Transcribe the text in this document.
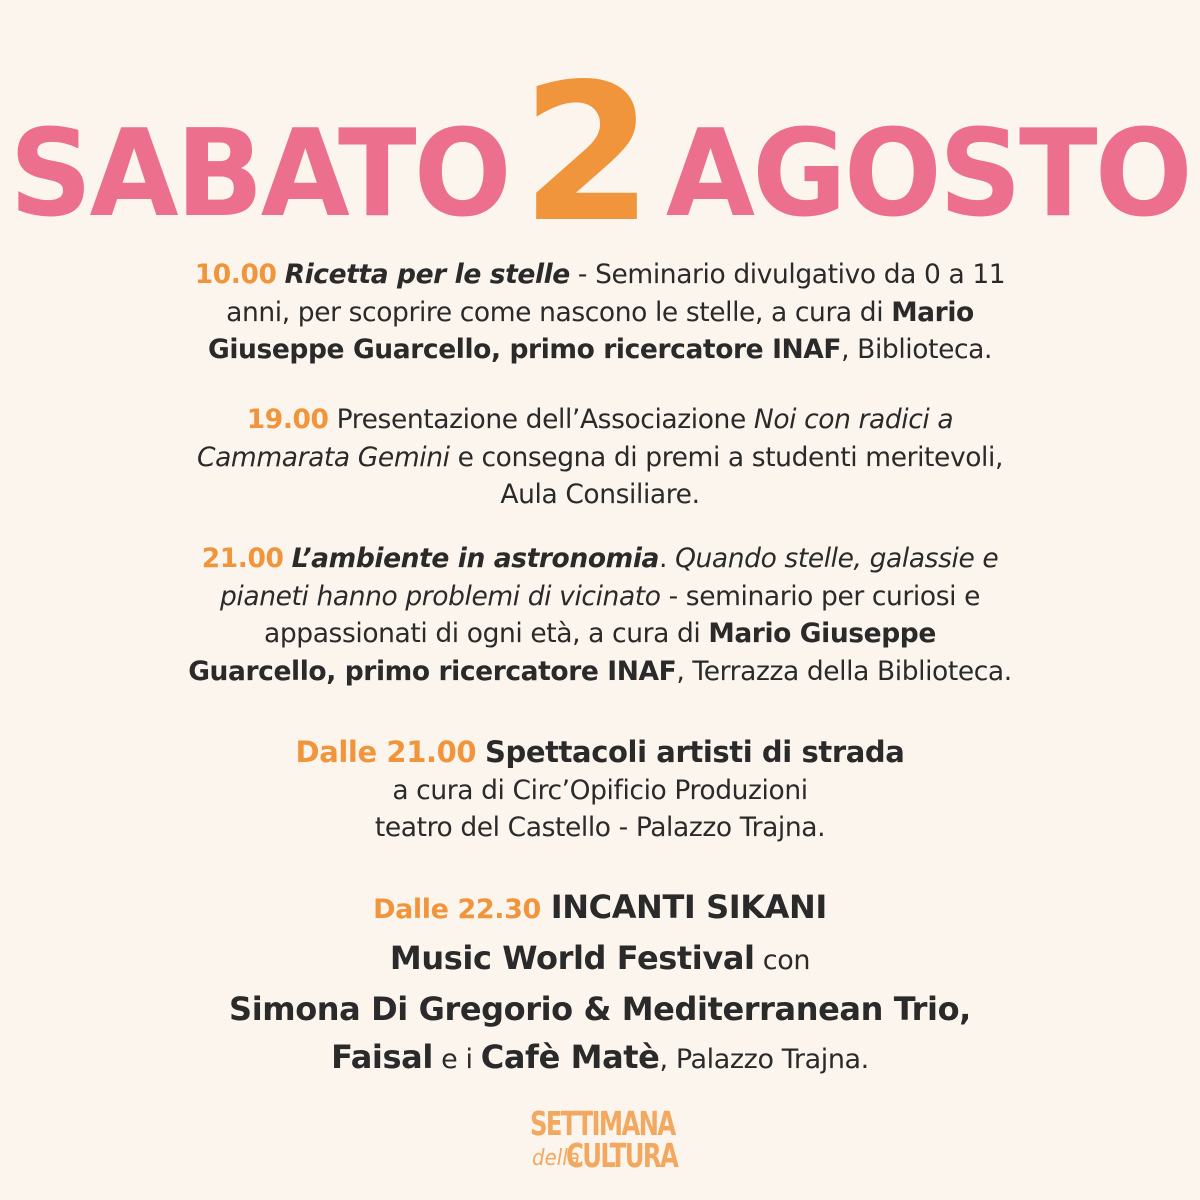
SABATO 2 AGOSTO
10.00 Ricetta per le stelle - Seminario divulgativo da 0 a 11
anni, per scoprire come nascono le stelle, a cura di Mario
Giuseppe Guarcello, primo ricercatore INAF, Biblioteca.
19.00 Presentazione dell’Associazione Noi con radici a
Cammarata Gemini e consegna di premi a studenti meritevoli,
Aula Consiliare.
21.00 L’ambiente in astronomia. Quando stelle, galassie e
pianeti hanno problemi di vicinato - seminario per curiosi e
appassionati di ogni età, a cura di Mario Giuseppe
Guarcello, primo ricercatore INAF, Terrazza della Biblioteca.
Dalle 21.00 Spettacoli artisti di strada
a cura di Circ’Opificio Produzioni
teatro del Castello - Palazzo Trajna.
Dalle 22.30 INCANTI SIKANI
Music World Festival con
Simona Di Gregorio & Mediterranean Trio,
Faisal e i Cafè Matè, Palazzo Trajna.
SETTIMANA
della
CULTURA
